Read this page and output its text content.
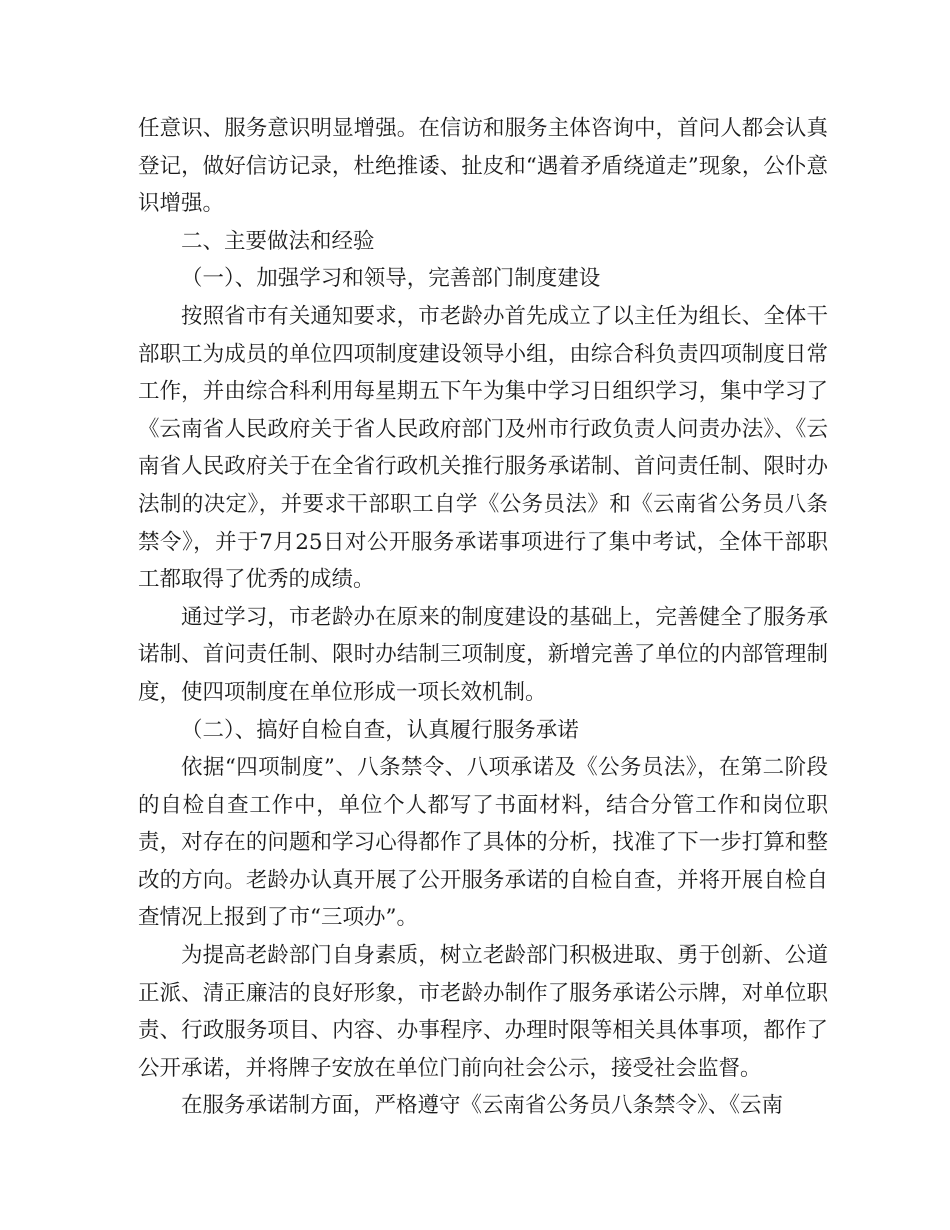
任意识、服务意识明显增强。在信访和服务主体咨询中，首问人都会认真登记，做好信访记录，杜绝推诿、扯皮和“遇着矛盾绕道走”现象，公仆意识增强。

二、主要做法和经验

（一）、加强学习和领导，完善部门制度建设

按照省市有关通知要求，市老龄办首先成立了以主任为组长、全体干部职工为成员的单位四项制度建设领导小组，由综合科负责四项制度日常工作，并由综合科利用每星期五下午为集中学习日组织学习，集中学习了《云南省人民政府关于省人民政府部门及州市行政负责人问责办法》、《云南省人民政府关于在全省行政机关推行服务承诺制、首问责任制、限时办法制的决定》，并要求干部职工自学《公务员法》和《云南省公务员八条禁令》，并于7月25日对公开服务承诺事项进行了集中考试，全体干部职工都取得了优秀的成绩。

通过学习，市老龄办在原来的制度建设的基础上，完善健全了服务承诺制、首问责任制、限时办结制三项制度，新增完善了单位的内部管理制度，使四项制度在单位形成一项长效机制。

（二）、搞好自检自查，认真履行服务承诺

依据“四项制度”、八条禁令、八项承诺及《公务员法》，在第二阶段的自检自查工作中，单位个人都写了书面材料，结合分管工作和岗位职责，对存在的问题和学习心得都作了具体的分析，找准了下一步打算和整改的方向。老龄办认真开展了公开服务承诺的自检自查，并将开展自检自查情况上报到了市“三项办”。

为提高老龄部门自身素质，树立老龄部门积极进取、勇于创新、公道正派、清正廉洁的良好形象，市老龄办制作了服务承诺公示牌，对单位职责、行政服务项目、内容、办事程序、办理时限等相关具体事项，都作了公开承诺，并将牌子安放在单位门前向社会公示，接受社会监督。

在服务承诺制方面，严格遵守《云南省公务员八条禁令》、《云南
